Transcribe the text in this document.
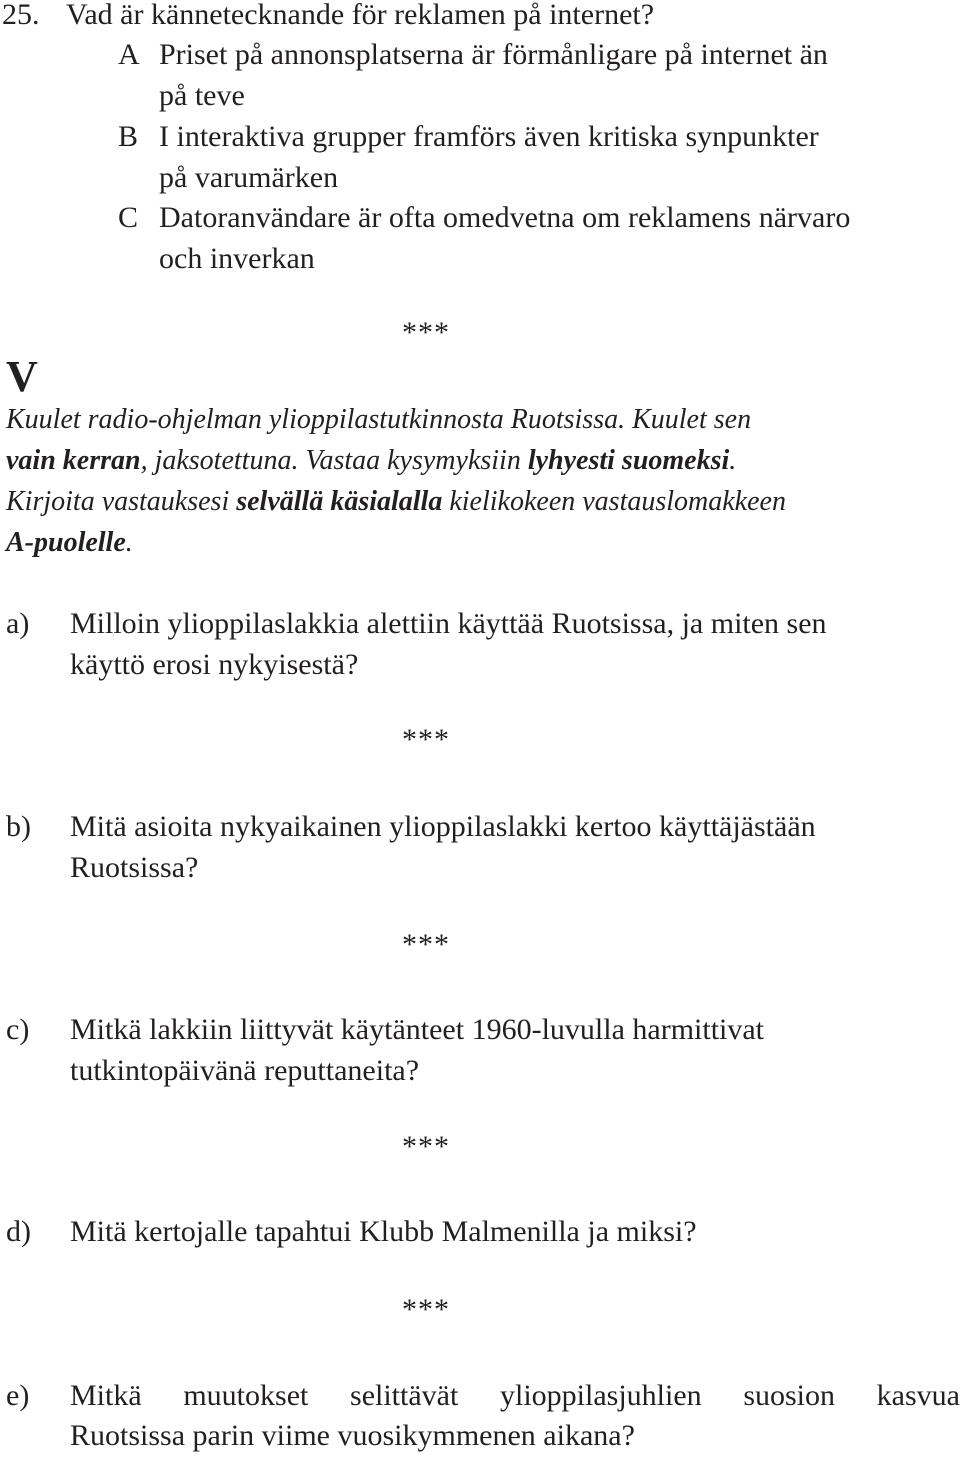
25. Vad är kännetecknande för reklamen på internet?
A Priset på annonsplatserna är förmånligare på internet än
på teve
B I interaktiva grupper framförs även kritiska synpunkter
på varumärken
C Datoranvändare är ofta omedvetna om reklamens närvaro
och inverkan
***
V
Kuulet radio-ohjelman ylioppilastutkinnosta Ruotsissa. Kuulet sen
vain kerran, jaksotettuna. Vastaa kysymyksiin lyhyesti suomeksi.
Kirjoita vastauksesi selvällä käsialalla kielikokeen vastauslomakkeen
A-puolelle.
a) Milloin ylioppilaslakkia alettiin käyttää Ruotsissa, ja miten sen
käyttö erosi nykyisestä?
***
b) Mitä asioita nykyaikainen ylioppilaslakki kertoo käyttäjästään
Ruotsissa?
***
c) Mitkä lakkiin liittyvät käytänteet 1960-luvulla harmittivat
tutkintopäivänä reputtaneita?
***
d) Mitä kertojalle tapahtui Klubb Malmenilla ja miksi?
***
e) Mitkä muutokset selittävät ylioppilasjuhlien suosion kasvua
Ruotsissa parin viime vuosikymmenen aikana?
